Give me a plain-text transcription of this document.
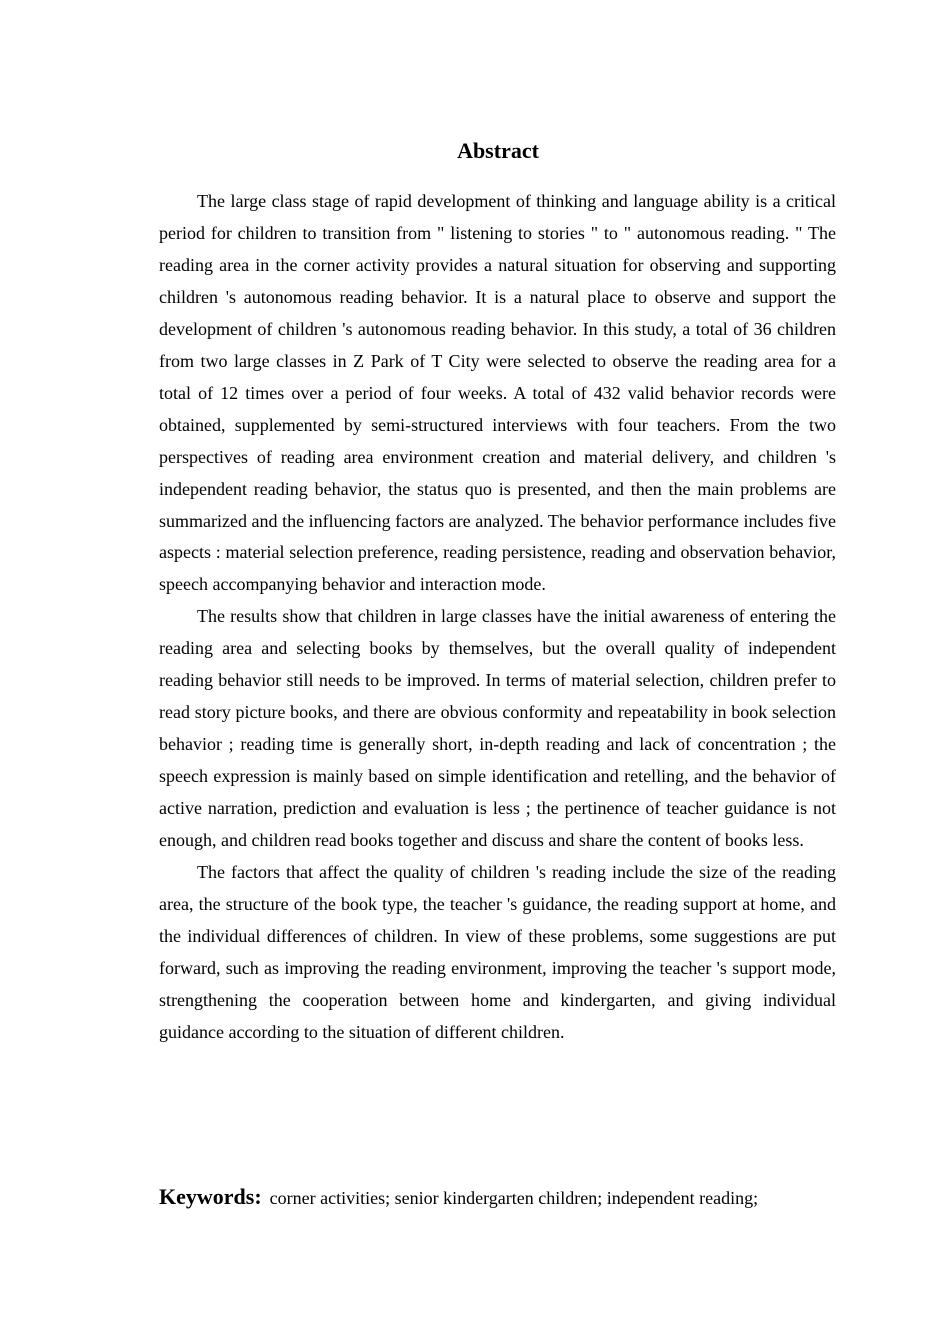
Abstract

The large class stage of rapid development of thinking and language ability is a critical period for children to transition from " listening to stories " to " autonomous reading. " The reading area in the corner activity provides a natural situation for observing and supporting children 's autonomous reading behavior. It is a natural place to observe and support the development of children 's autonomous reading behavior. In this study, a total of 36 children from two large classes in Z Park of T City were selected to observe the reading area for a total of 12 times over a period of four weeks. A total of 432 valid behavior records were obtained, supplemented by semi-structured interviews with four teachers. From the two perspectives of reading area environment creation and material delivery, and children 's independent reading behavior, the status quo is presented, and then the main problems are summarized and the influencing factors are analyzed. The behavior performance includes five aspects : material selection preference, reading persistence, reading and observation behavior, speech accompanying behavior and interaction mode.

The results show that children in large classes have the initial awareness of entering the reading area and selecting books by themselves, but the overall quality of independent reading behavior still needs to be improved. In terms of material selection, children prefer to read story picture books, and there are obvious conformity and repeatability in book selection behavior ; reading time is generally short, in-depth reading and lack of concentration ; the speech expression is mainly based on simple identification and retelling, and the behavior of active narration, prediction and evaluation is less ; the pertinence of teacher guidance is not enough, and children read books together and discuss and share the content of books less.

The factors that affect the quality of children 's reading include the size of the reading area, the structure of the book type, the teacher 's guidance, the reading support at home, and the individual differences of children. In view of these problems, some suggestions are put forward, such as improving the reading environment, improving the teacher 's support mode, strengthening the cooperation between home and kindergarten, and giving individual guidance according to the situation of different children.

Keywords: corner activities; senior kindergarten children; independent reading;
